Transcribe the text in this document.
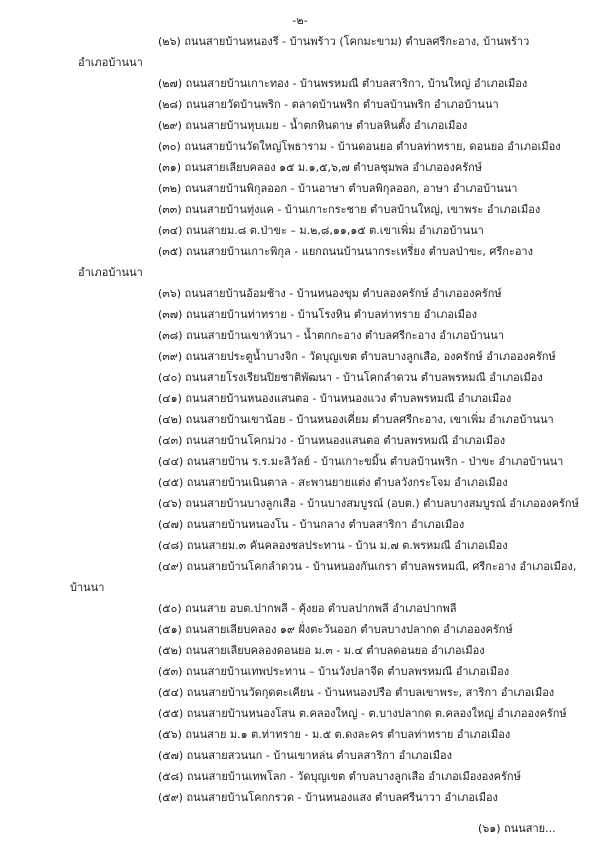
-๒-
(๒๖) ถนนสายบ้านหนองรี - บ้านพร้าว (โคกมะขาม) ตำบลศรีกะอาง, บ้านพร้าว
อำเภอบ้านนา
(๒๗) ถนนสายบ้านเกาะทอง - บ้านพรหมณี ตำบลสาริกา, บ้านใหญ่ อำเภอเมือง
(๒๘) ถนนสายวัดบ้านพริก - ตลาดบ้านพริก ตำบลบ้านพริก อำเภอบ้านนา
(๒๙) ถนนสายบ้านหุบเมย - น้ำตกหินดาษ ตำบลหินตั้ง อำเภอเมือง
(๓๐) ถนนสายบ้านวัดใหญ่โพธาราม - บ้านดอนยอ ตำบลท่าทราย, ดอนยอ อำเภอเมือง
(๓๑) ถนนสายเลียบคลอง ๑๕ ม.๑,๕,๖,๗ ตำบลชุมพล อำเภอองครักษ์
(๓๒) ถนนสายบ้านพิกุลออก - บ้านอาษา ตำบลพิกุลออก, อาษา อำเภอบ้านนา
(๓๓) ถนนสายบ้านทุ่งแค - บ้านเกาะกระชาย ตำบลบ้านใหญ่, เขาพระ อำเภอเมือง
(๓๔) ถนนสายม.๘ ต.ป่าขะ – ม.๒,๘,๑๑,๑๕ ต.เขาเพิ่ม อำเภอบ้านนา
(๓๕) ถนนสายบ้านเกาะพิกุล - แยกถนนบ้านนากระเหรี่ยง ตำบลป่าขะ, ศรีกะอาง
อำเภอบ้านนา
(๓๖) ถนนสายบ้านอ้อมช้าง - บ้านหนองขุม ตำบลองครักษ์ อำเภอองครักษ์
(๓๗) ถนนสายบ้านท่าทราย - บ้านโรงหิน ตำบลท่าทราย อำเภอเมือง
(๓๘) ถนนสายบ้านเขาหัวนา - น้ำตกกะอาง ตำบลศรีกะอาง อำเภอบ้านนา
(๓๙) ถนนสายประตูน้ำบางจิก - วัดบุญเขต ตำบลบางลูกเสือ, องครักษ์ อำเภอองครักษ์
(๔๐) ถนนสายโรงเรียนปิยชาติพัฒนา - บ้านโคกลำดวน ตำบลพรหมณี อำเภอเมือง
(๔๑) ถนนสายบ้านหนองแสนตอ - บ้านหนองแวง ตำบลพรหมณี อำเภอเมือง
(๔๒) ถนนสายบ้านเขาน้อย - บ้านหนองเคี่ยม ตำบลศรีกะอาง, เขาเพิ่ม อำเภอบ้านนา
(๔๓) ถนนสายบ้านโคกม่วง - บ้านหนองแสนตอ ตำบลพรหมณี อำเภอเมือง
(๔๔) ถนนสายบ้าน ร.ร.มะลิวัลย์ - บ้านเกาะขมิ้น ตำบลบ้านพริก - ป่าขะ อำเภอบ้านนา
(๔๕) ถนนสายบ้านเนินตาล - สะพานยายแต่ง ตำบลวังกระโจม อำเภอเมือง
(๔๖) ถนนสายบ้านบางลูกเสือ - บ้านบางสมบูรณ์ (อบต.) ตำบลบางสมบูรณ์ อำเภอองครักษ์
(๔๗) ถนนสายบ้านหนองโน - บ้านกลาง ตำบลสาริกา อำเภอเมือง
(๔๘) ถนนสายม.๓ คันคลองชลประทาน - บ้าน ม.๗ ต.พรหมณี อำเภอเมือง
(๔๙) ถนนสายบ้านโคกลำดวน - บ้านหนองกันเกรา ตำบลพรหมณี, ศรีกะอาง อำเภอเมือง,
บ้านนา
(๕๐) ถนนสาย อบต.ปากพลี - คุ้งยอ ตำบลปากพลี อำเภอปากพลี
(๕๑) ถนนสายเลียบคลอง ๑๙ ฝั่งตะวันออก ตำบลบางปลากด อำเภอองครักษ์
(๕๒) ถนนสายเลียบคลองดอนยอ ม.๓ - ม.๔ ตำบลดอนยอ อำเภอเมือง
(๕๓) ถนนสายบ้านเทพประทาน – บ้านวังปลาจีด ตำบลพรหมณี อำเภอเมือง
(๕๔) ถนนสายบ้านวัดกุดตะเคียน - บ้านหนองปรือ ตำบลเขาพระ, สาริกา อำเภอเมือง
(๕๕) ถนนสายบ้านหนองโสน ต.คลองใหญ่ - ต.บางปลากด ต.คลองใหญ่ อำเภอองครักษ์
(๕๖) ถนนสาย ม.๑ ต.ท่าทราย - ม.๕ ต.ดงละคร ตำบลท่าทราย อำเภอเมือง
(๕๗) ถนนสายสวนนก - บ้านเขาหล่น ตำบลสาริกา อำเภอเมือง
(๕๘) ถนนสายบ้านเทพโลก - วัดบุญเขต ตำบลบางลูกเสือ อำเภอเมืององครักษ์
(๕๙) ถนนสายบ้านโคกกรวด - บ้านหนองแสง ตำบลศรีนาวา อำเภอเมือง
(๖๑) ถนนสาย...
